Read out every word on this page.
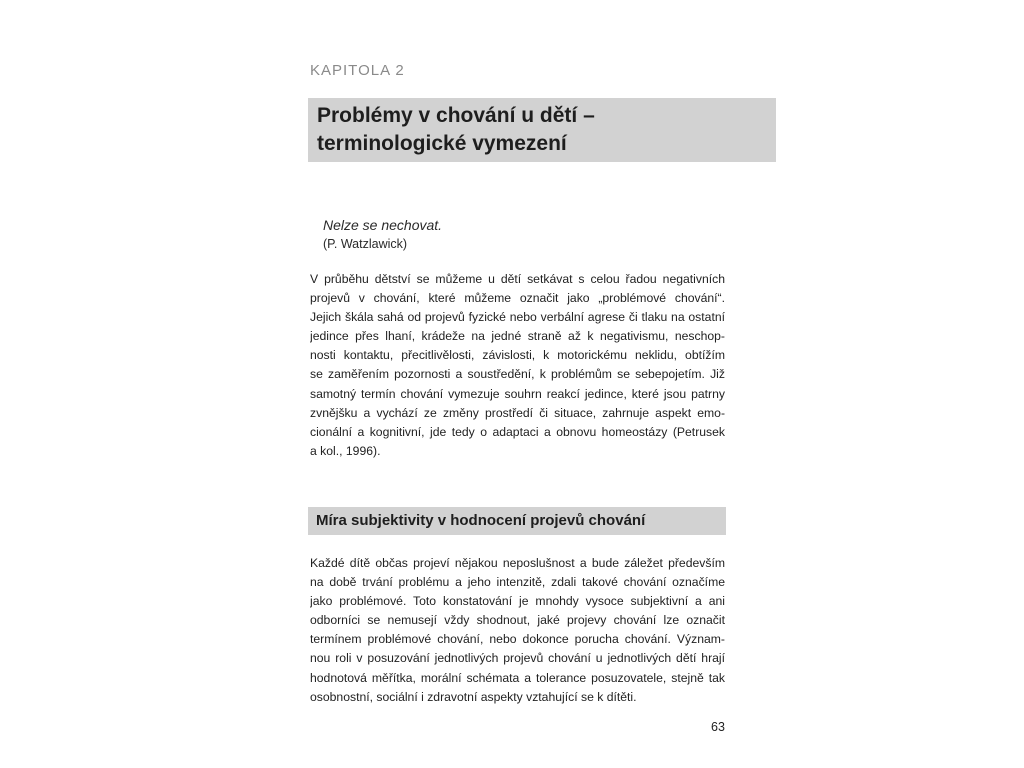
KAPITOLA 2
Problémy v chování u dětí –
terminologické vymezení
Nelze se nechovat.
(P. Watzlawick)
V průběhu dětství se můžeme u dětí setkávat s celou řadou negativních
projevů v chování, které můžeme označit jako „problémové chování“.
Jejich škála sahá od projevů fyzické nebo verbální agrese či tlaku na ostatní
jedince přes lhaní, krádeže na jedné straně až k negativismu, neschop-
nosti kontaktu, přecitlivělosti, závislosti, k motorickému neklidu, obtížím
se zaměřením pozornosti a soustředění, k problémům se sebepojetím. Již
samotný termín chování vymezuje souhrn reakcí jedince, které jsou patrny
zvnějšku a vychází ze změny prostředí či situace, zahrnuje aspekt emo-
cionální a kognitivní, jde tedy o adaptaci a obnovu homeostázy (Petrusek
a kol., 1996).
Míra subjektivity v hodnocení projevů chování
Každé dítě občas projeví nějakou neposlušnost a bude záležet především
na době trvání problému a jeho intenzitě, zdali takové chování označíme
jako problémové. Toto konstatování je mnohdy vysoce subjektivní a ani
odborníci se nemusejí vždy shodnout, jaké projevy chování lze označit
termínem problémové chování, nebo dokonce porucha chování. Význam-
nou roli v posuzování jednotlivých projevů chování u jednotlivých dětí hrají
hodnotová měřítka, morální schémata a tolerance posuzovatele, stejně tak
osobnostní, sociální i zdravotní aspekty vztahující se k dítěti.
63
